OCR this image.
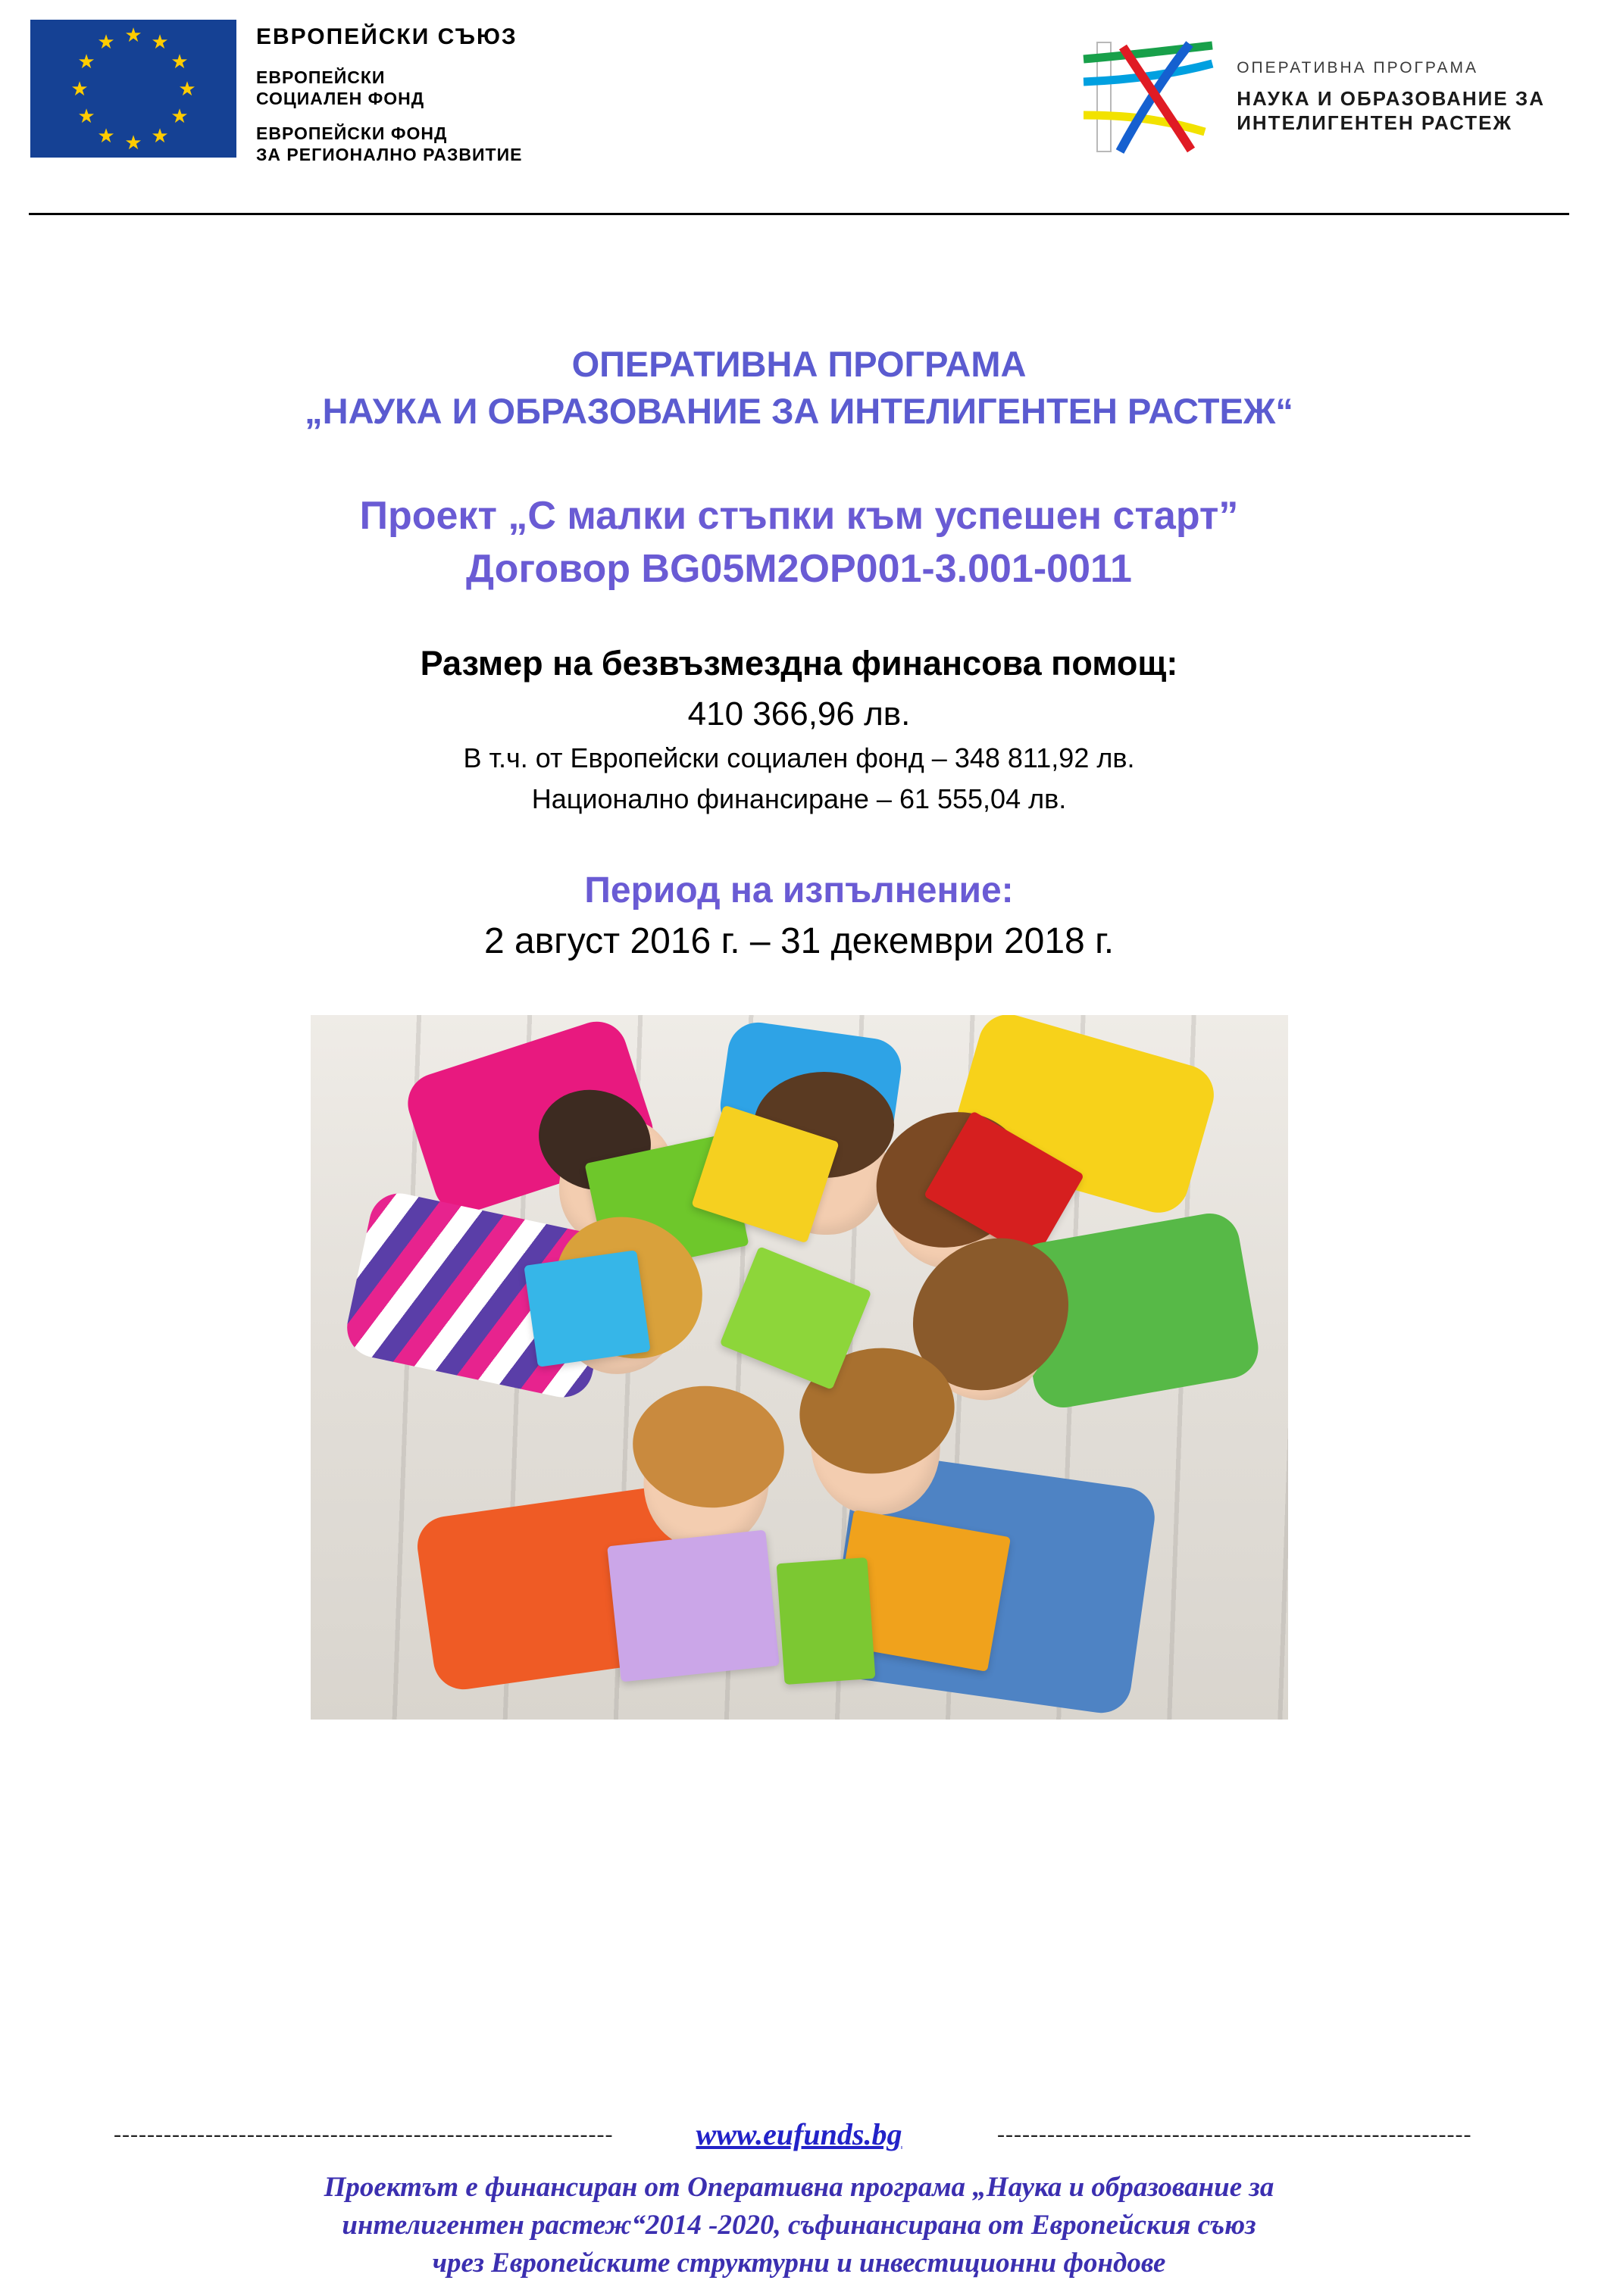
★ ★
★
★
★
★
★
★
★
★
★
★	ЕВРОПЕЙСКИ СЪЮЗ
ЕВРОПЕЙСКИ
СОЦИАЛЕН ФОНД
ЕВРОПЕЙСКИ ФОНД
ЗА РЕГИОНАЛНО РАЗВИТИЕ
ОПЕРАТИВНА ПРОГРАМА
НАУКА И ОБРАЗОВАНИЕ ЗА
ИНТЕЛИГЕНТЕН РАСТЕЖ
ОПЕРАТИВНА ПРОГРАМА
„НАУКА И ОБРАЗОВАНИЕ ЗА ИНТЕЛИГЕНТЕН РАСТЕЖ“
Проект „С малки стъпки към успешен старт”
Договор BG05M2OP001-3.001-0011
Размер на безвъзмездна финансова помощ:
410 366,96 лв.
В т.ч. от Европейски социален фонд – 348 811,92 лв.
Национално финансиране – 61 555,04 лв.
Период на изпълнение:
2 август 2016 г. – 31 декември 2018 г.
------------------------------------------------------------	www.eufunds.bg	---------------------------------------------------------
Проектът е финансиран от Оперативна програма „Наука и образование за
интелигентен растеж“2014 -2020, съфинансирана от Европейския съюз
чрез Европейските структурни и инвестиционни фондове
